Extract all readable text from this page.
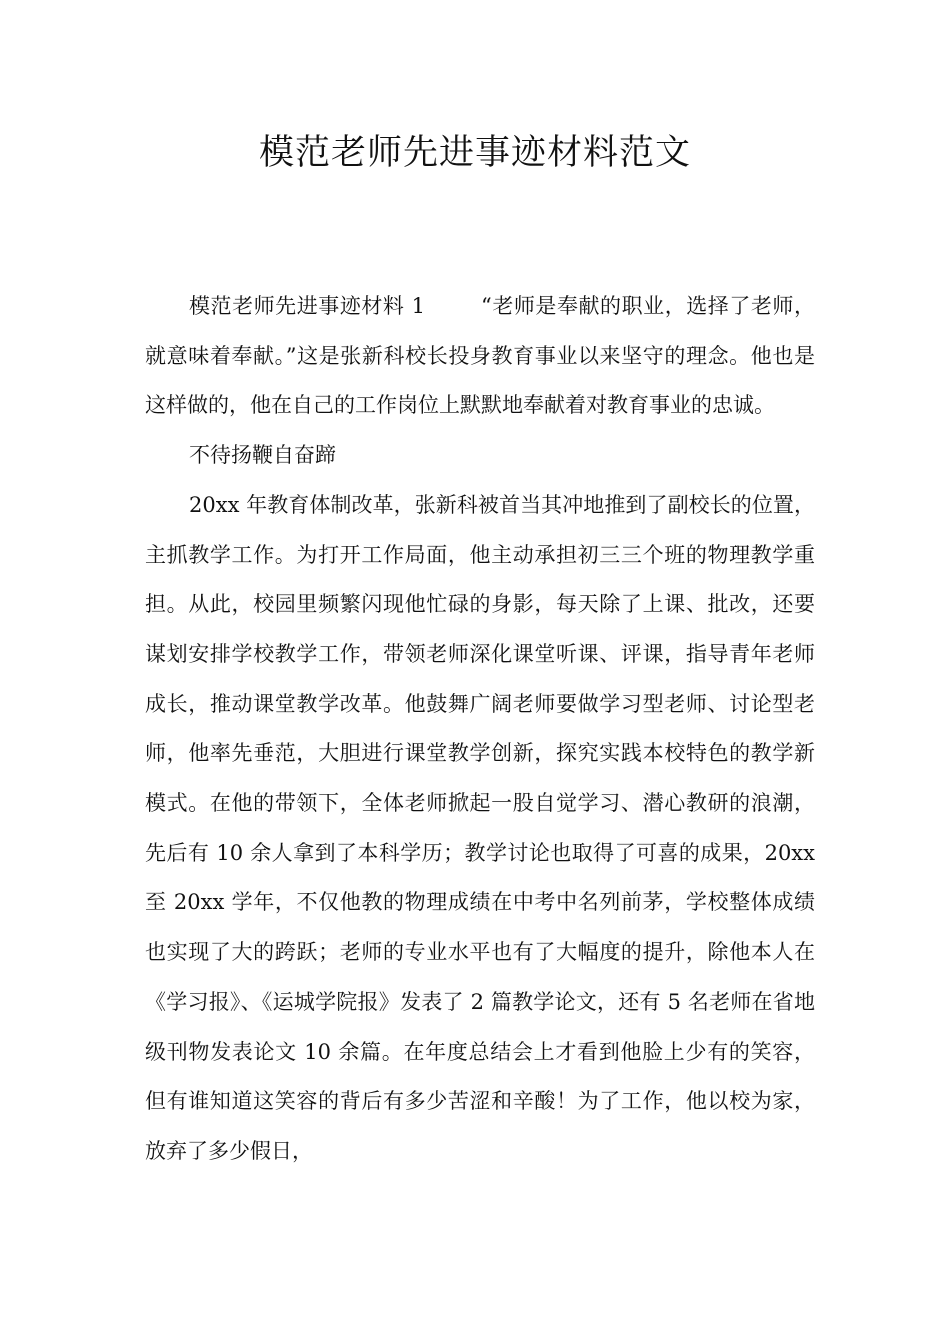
模范老师先进事迹材料范文

模范老师先进事迹材料 1	“老师是奉献的职业，选择了老师，就意味着奉献。”这是张新科校长投身教育事业以来坚守的理念。他也是这样做的，他在自己的工作岗位上默默地奉献着对教育事业的忠诚。

不待扬鞭自奋蹄

20xx 年教育体制改革，张新科被首当其冲地推到了副校长的位置，主抓教学工作。为打开工作局面，他主动承担初三三个班的物理教学重担。从此，校园里频繁闪现他忙碌的身影，每天除了上课、批改，还要谋划安排学校教学工作，带领老师深化课堂听课、评课，指导青年老师成长，推动课堂教学改革。他鼓舞广阔老师要做学习型老师、讨论型老师，他率先垂范，大胆进行课堂教学创新，探究实践本校特色的教学新模式。在他的带领下，全体老师掀起一股自觉学习、潜心教研的浪潮，先后有 10 余人拿到了本科学历；教学讨论也取得了可喜的成果，20xx 至 20xx 学年，不仅他教的物理成绩在中考中名列前茅，学校整体成绩也实现了大的跨跃；老师的专业水平也有了大幅度的提升，除他本人在《学习报》、《运城学院报》发表了 2 篇教学论文，还有 5 名老师在省地级刊物发表论文 10 余篇。在年度总结会上才看到他脸上少有的笑容，但有谁知道这笑容的背后有多少苦涩和辛酸！为了工作，他以校为家，放弃了多少假日，
